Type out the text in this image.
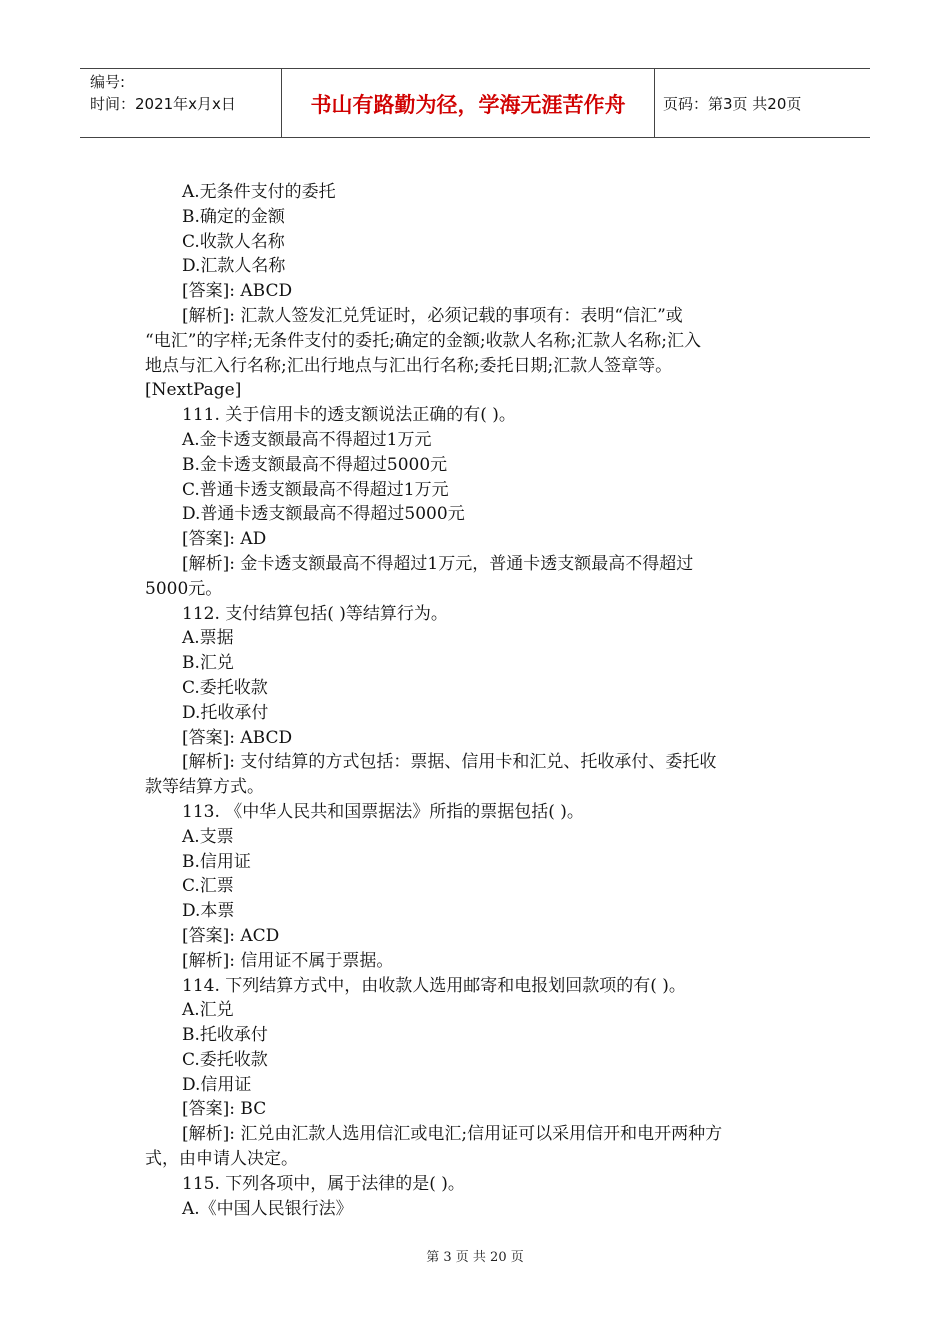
编号:
时间：2021年x月x日	书山有路勤为径，学海无涯苦作舟	页码：第3页 共20页
A.无条件支付的委托
B.确定的金额
C.收款人名称
D.汇款人名称
[答案]: ABCD
[解析]: 汇款人签发汇兑凭证时，必须记载的事项有：表明“信汇”或
“电汇”的字样;无条件支付的委托;确定的金额;收款人名称;汇款人名称;汇入
地点与汇入行名称;汇出行地点与汇出行名称;委托日期;汇款人签章等。
[NextPage]
111. 关于信用卡的透支额说法正确的有( )。
A.金卡透支额最高不得超过1万元
B.金卡透支额最高不得超过5000元
C.普通卡透支额最高不得超过1万元
D.普通卡透支额最高不得超过5000元
[答案]: AD
[解析]: 金卡透支额最高不得超过1万元，普通卡透支额最高不得超过
5000元。
112. 支付结算包括( )等结算行为。
A.票据
B.汇兑
C.委托收款
D.托收承付
[答案]: ABCD
[解析]: 支付结算的方式包括：票据、信用卡和汇兑、托收承付、委托收
款等结算方式。
113. 《中华人民共和国票据法》所指的票据包括( )。
A.支票
B.信用证
C.汇票
D.本票
[答案]: ACD
[解析]: 信用证不属于票据。
114. 下列结算方式中，由收款人选用邮寄和电报划回款项的有( )。
A.汇兑
B.托收承付
C.委托收款
D.信用证
[答案]: BC
[解析]: 汇兑由汇款人选用信汇或电汇;信用证可以采用信开和电开两种方
式，由申请人决定。
115. 下列各项中，属于法律的是( )。
A.《中国人民银行法》
第 3 页 共 20 页
